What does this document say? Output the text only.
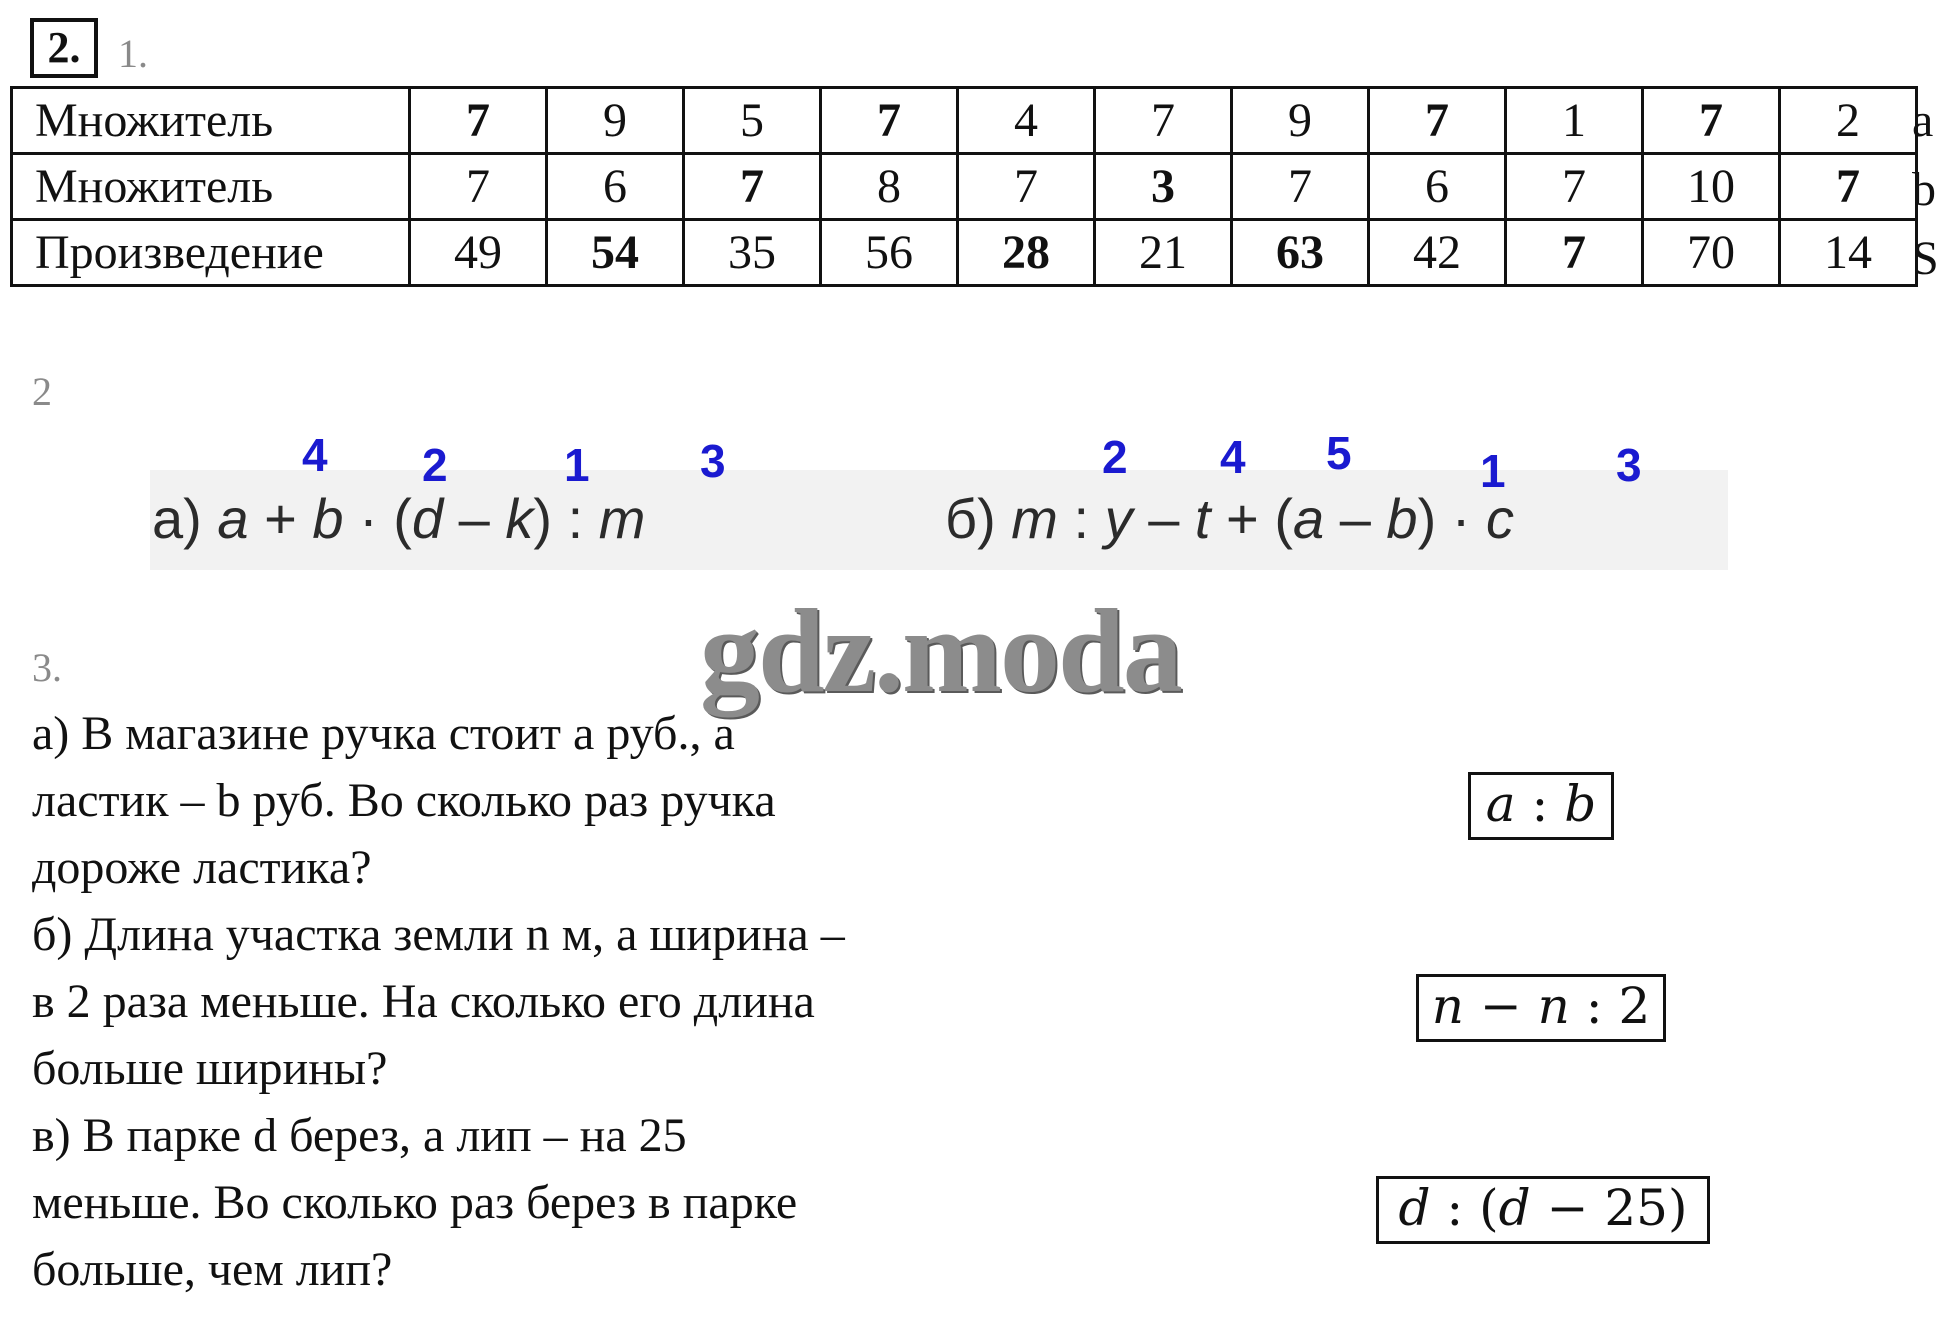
2. 1.
Множитель	7	9	5	7	4	7	9	7	1	7	2
Множитель	7	6	7	8	7	3	7	6	7	10	7
Произведение	49	54	35	56	28	21	63	42	7	70	14
a
b
S
2
а) a + b · (d – k) : m
4 2	1 3
б) m : y – t + (a – b) · c
2 4 5	1 3
gdz.moda
3.

а) В магазине ручка стоит a руб., а

ластик – b руб. Во сколько раз ручка

дороже ластика?

б) Длина участка земли n м, а ширина –

в 2 раза меньше. На сколько его длина

больше ширины?

в) В парке d берез, а лип – на 25

меньше. Во сколько раз берез в парке

больше, чем лип?

a : b
n − n : 2
d : (d − 25)
